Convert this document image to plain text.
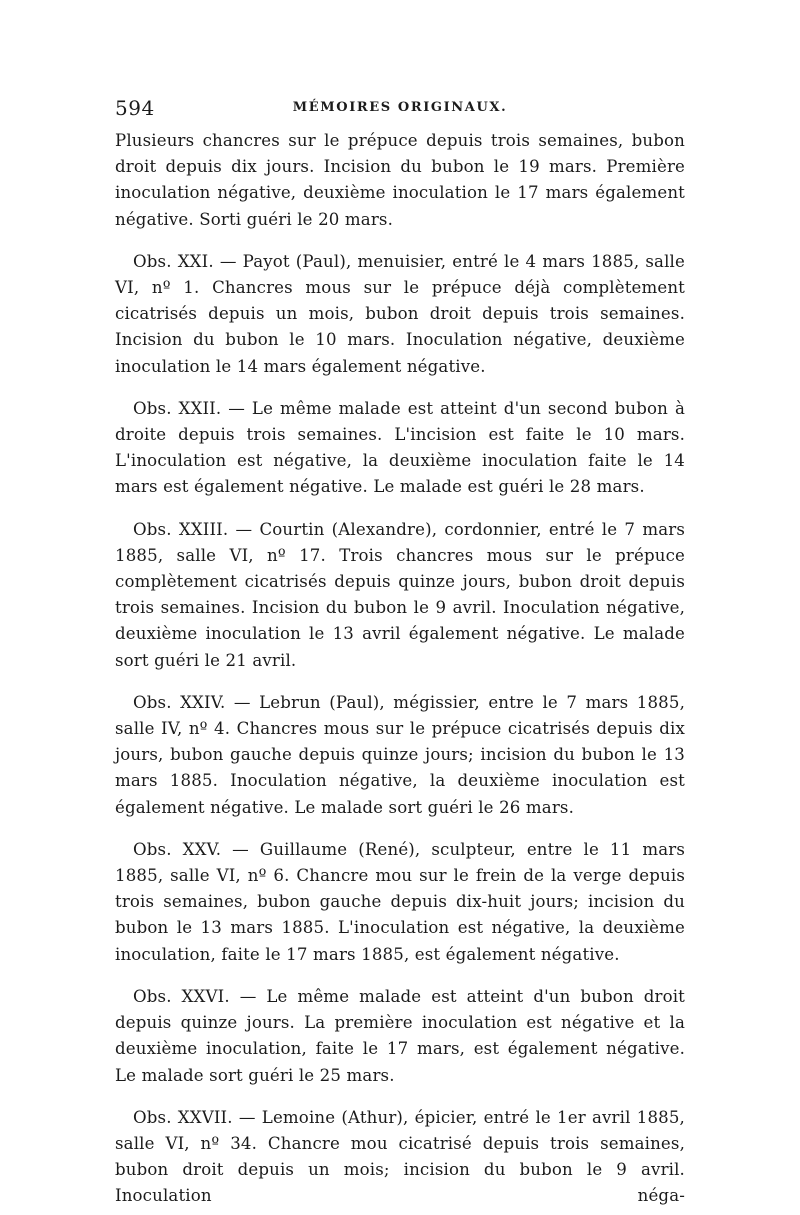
594	MÉMOIRES ORIGINAUX.

Plusieurs chancres sur le prépuce depuis trois semaines, bubon droit depuis dix jours. Incision du bubon le 19 mars. Première inoculation négative, deuxième inoculation le 17 mars également négative. Sorti guéri le 20 mars.

Obs. XXI. — Payot (Paul), menuisier, entré le 4 mars 1885, salle VI, nº 1. Chancres mous sur le prépuce déjà complètement cicatrisés depuis un mois, bubon droit depuis trois semaines. Incision du bubon le 10 mars. Inoculation négative, deuxième inoculation le 14 mars également négative.

Obs. XXII. — Le même malade est atteint d'un second bubon à droite depuis trois semaines. L'incision est faite le 10 mars. L'inoculation est négative, la deuxième inoculation faite le 14 mars est également négative. Le malade est guéri le 28 mars.

Obs. XXIII. — Courtin (Alexandre), cordonnier, entré le 7 mars 1885, salle VI, nº 17. Trois chancres mous sur le prépuce complètement cicatrisés depuis quinze jours, bubon droit depuis trois semaines. Incision du bubon le 9 avril. Inoculation négative, deuxième inoculation le 13 avril également négative. Le malade sort guéri le 21 avril.

Obs. XXIV. — Lebrun (Paul), mégissier, entre le 7 mars 1885, salle IV, nº 4. Chancres mous sur le prépuce cicatrisés depuis dix jours, bubon gauche depuis quinze jours; incision du bubon le 13 mars 1885. Inoculation négative, la deuxième inoculation est également négative. Le malade sort guéri le 26 mars.

Obs. XXV. — Guillaume (René), sculpteur, entre le 11 mars 1885, salle VI, nº 6. Chancre mou sur le frein de la verge depuis trois semaines, bubon gauche depuis dix-huit jours; incision du bubon le 13 mars 1885. L'inoculation est négative, la deuxième inoculation, faite le 17 mars 1885, est également négative.

Obs. XXVI. — Le même malade est atteint d'un bubon droit depuis quinze jours. La première inoculation est négative et la deuxième inoculation, faite le 17 mars, est également négative. Le malade sort guéri le 25 mars.

Obs. XXVII. — Lemoine (Athur), épicier, entré le 1er avril 1885, salle VI, nº 34. Chancre mou cicatrisé depuis trois semaines, bubon droit depuis un mois; incision du bubon le 9 avril. Inoculation néga-
